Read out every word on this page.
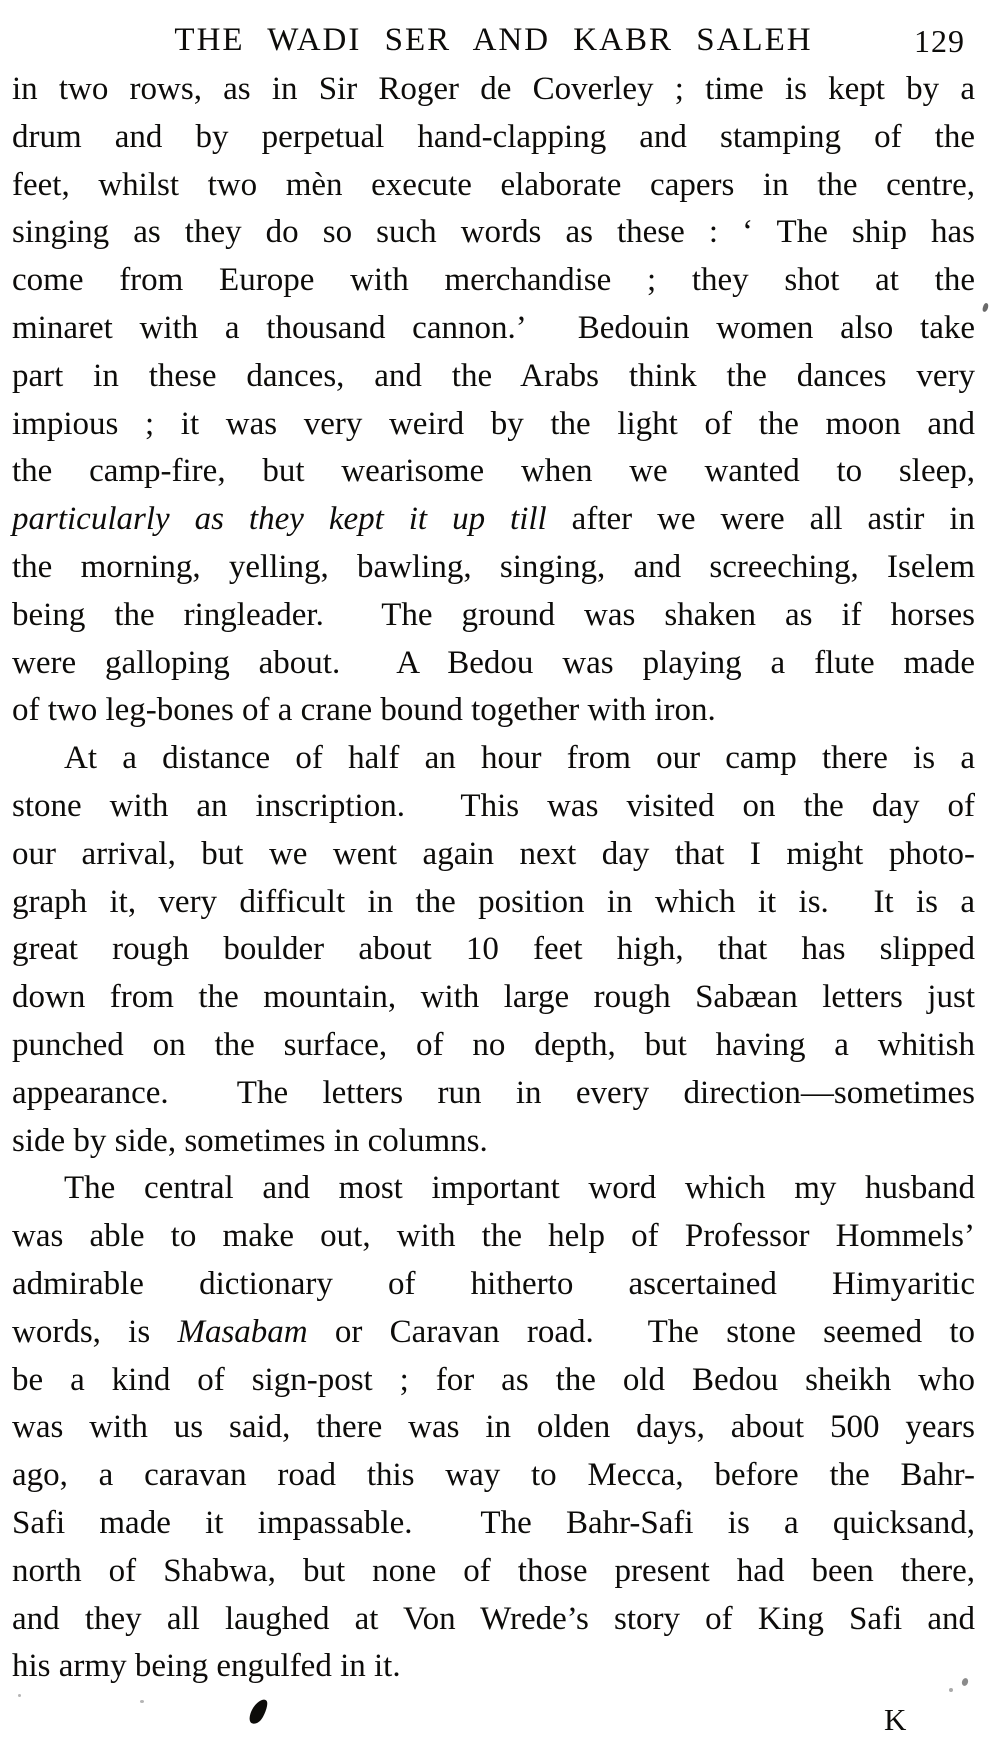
THE WADI SER AND KABR SALEH	129
in two rows, as in Sir Roger de Coverley ; time is kept by a
drum and by perpetual hand-clapping and stamping of the
feet, whilst two mèn execute elaborate capers in the centre,
singing as they do so such words as these : ‘ The ship has
come from Europe with merchandise ; they shot at the
minaret with a thousand cannon.’  Bedouin women also take
part in these dances, and the Arabs think the dances very
impious ; it was very weird by the light of the moon and
the camp-fire, but wearisome when we wanted to sleep,
particularly as they kept it up till after we were all astir in
the morning, yelling, bawling, singing, and screeching, Iselem
being the ringleader.  The ground was shaken as if horses
were galloping about.  A Bedou was playing a flute made
of two leg-bones of a crane bound together with iron.
At a distance of half an hour from our camp there is a
stone with an inscription.  This was visited on the day of
our arrival, but we went again next day that I might photo-
graph it, very difficult in the position in which it is.  It is a
great rough boulder about 10 feet high, that has slipped
down from the mountain, with large rough Sabæan letters just
punched on the surface, of no depth, but having a whitish
appearance.  The letters run in every direction—sometimes
side by side, sometimes in columns.
The central and most important word which my husband
was able to make out, with the help of Professor Hommels’
admirable dictionary of hitherto ascertained Himyaritic
words, is Masabam or Caravan road.  The stone seemed to
be a kind of sign-post ; for as the old Bedou sheikh who
was with us said, there was in olden days, about 500 years
ago, a caravan road this way to Mecca, before the Bahr-
Safi made it impassable.  The Bahr-Safi is a quicksand,
north of Shabwa, but none of those present had been there,
and they all laughed at Von Wrede’s story of King Safi and
his army being engulfed in it.
K
